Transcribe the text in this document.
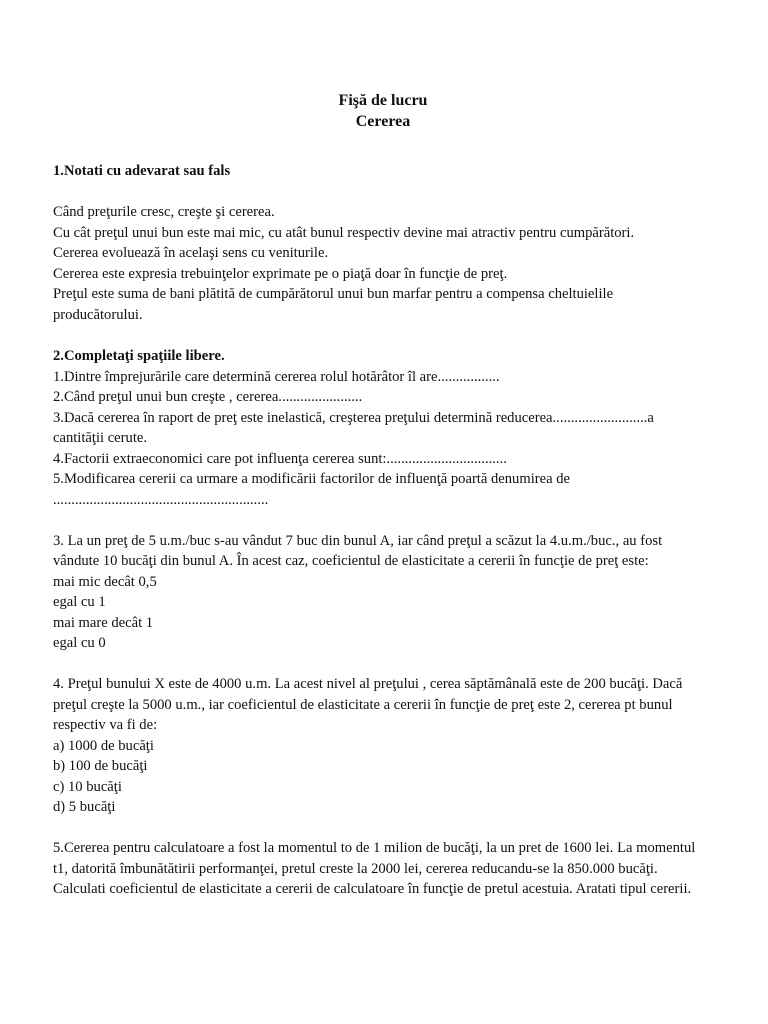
Fişă de lucru
Cererea
1.Notati cu adevarat sau fals
Când preţurile cresc, creşte şi cererea.
Cu cât preţul unui bun este mai mic, cu atât bunul respectiv devine mai atractiv pentru cumpărători.
Cererea evoluează în acelaşi sens cu veniturile.
Cererea este expresia trebuinţelor exprimate pe o piaţă doar în funcţie de preţ.
Preţul este suma de bani plătită de cumpărătorul unui bun marfar pentru a compensa cheltuielile producătorului.
2.Completaţi spaţiile libere.
1.Dintre împrejurările care determină cererea rolul hotărâtor îl are.................
2.Când preţul unui bun creşte , cererea.......................
3.Dacă cererea în raport de preţ este inelastică, creşterea preţului determină reducerea..........................a cantităţii cerute.
4.Factorii extraeconomici care pot influenţa cererea sunt:.................................
5.Modificarea cererii ca urmare a modificării factorilor de influenţă poartă denumirea de ...........................................................
3. La un preţ de 5 u.m./buc s-au vândut 7 buc din bunul A, iar când preţul a scăzut la 4.u.m./buc., au fost vândute 10 bucăţi din bunul A. În acest caz, coeficientul de elasticitate a cererii în funcţie de preţ este:
mai mic decât 0,5
egal cu 1
mai mare decât 1
egal cu 0
4. Preţul bunului X este de 4000 u.m. La acest nivel al preţului , cerea săptămânală este de 200 bucăţi. Dacă preţul creşte la 5000 u.m., iar coeficientul de elasticitate a cererii în funcţie de preţ este 2, cererea pt bunul respectiv va fi de:
a) 1000 de bucăţi
b) 100 de bucăţi
c) 10 bucăţi
d) 5 bucăţi
5.Cererea pentru calculatoare a fost la momentul to de 1 milion de bucăţi, la un pret de 1600 lei. La momentul t1, datorită îmbunătătirii performanţei, pretul creste la 2000 lei, cererea reducandu-se la 850.000 bucăţi. Calculati coeficientul de elasticitate a cererii de calculatoare în funcţie de pretul acestuia. Aratati tipul cererii.
